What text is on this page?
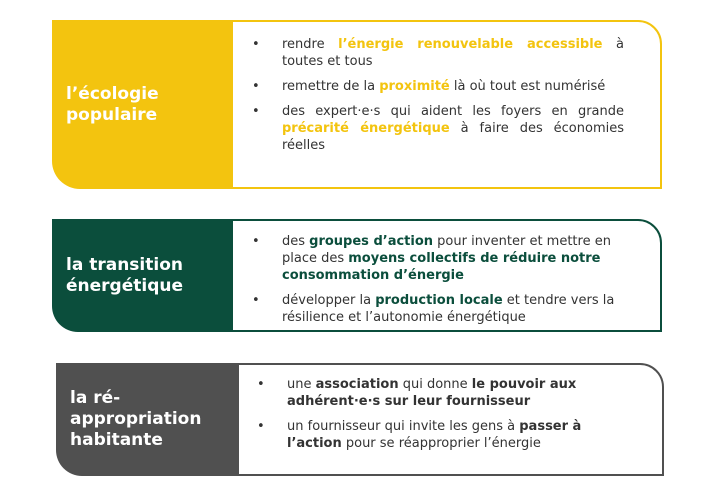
l’écologie
populaire
• rendre l’énergie renouvelable accessible à toutes et tous
• remettre de la proximité là où tout est numérisé
• des expert·e·s qui aident les foyers en grande précarité énergétique à faire des économies réelles
la transition
énergétique
• des groupes d’action pour inventer et mettre en place des moyens collectifs de réduire notre consommation d’énergie
• développer la production locale et tendre vers la résilience et l’autonomie énergétique
la ré-
appropriation
habitante
• une association qui donne le pouvoir aux adhérent·e·s sur leur fournisseur
• un fournisseur qui invite les gens à passer à l’action pour se réapproprier l’énergie
